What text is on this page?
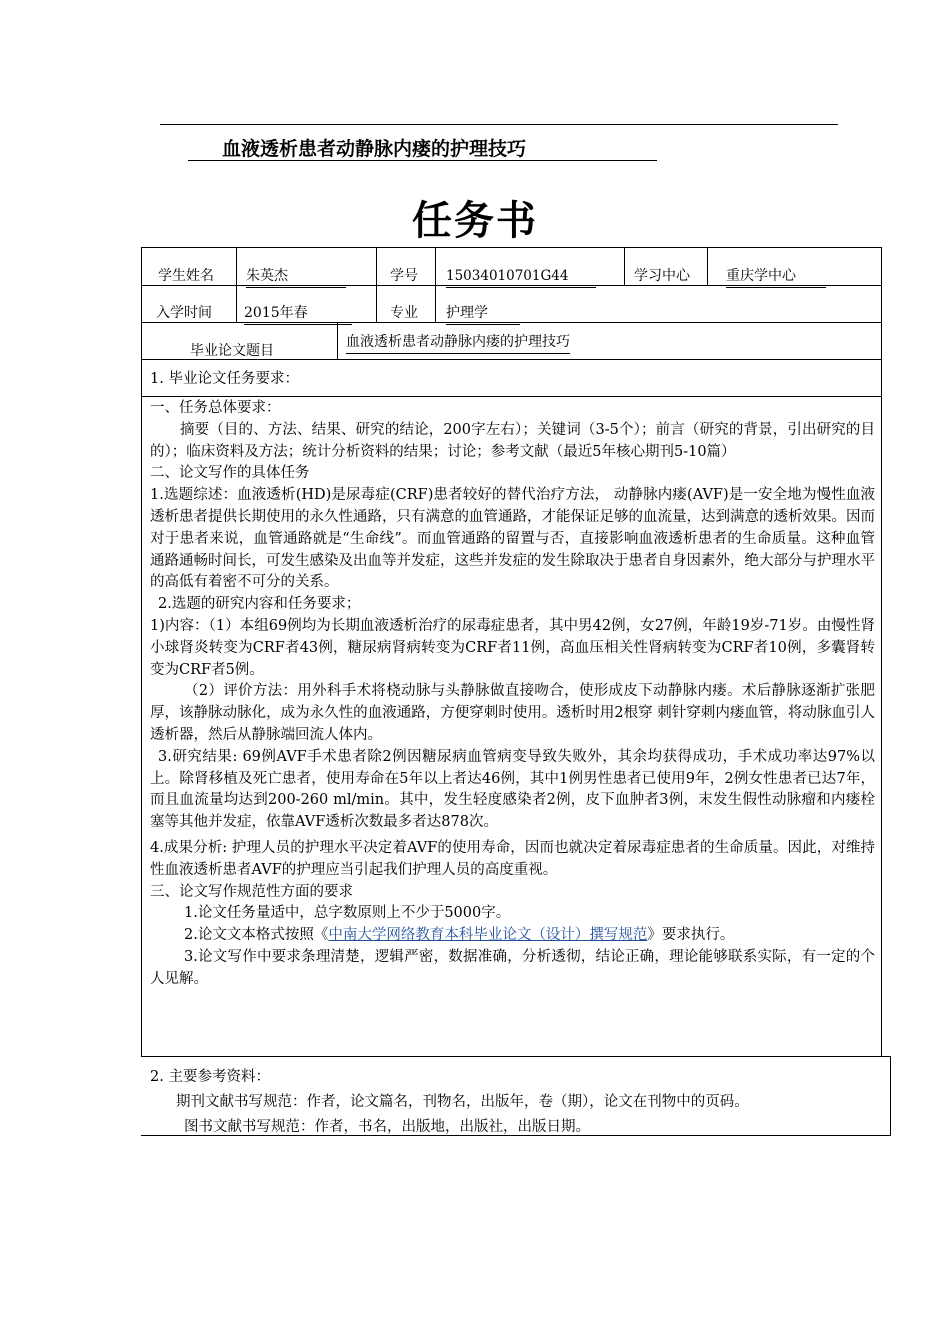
血液透析患者动静脉内瘘的护理技巧
任务书
学生姓名 朱英杰	学号 15034010701G44	学习中心	重庆学中心
入学时间 2015年春	专业 护理学
毕业论文题目
血液透析患者动静脉内瘘的护理技巧
1. 毕业论文任务要求：

一、任务总体要求：

摘要（目的、方法、结果、研究的结论，200字左右）；关键词（3-5个）；前言（研究的背景，引出研究的目的）；临床资料及方法；统计分析资料的结果；讨论；参考文献（最近5年核心期刊5-10篇）

二、论文写作的具体任务

1.选题综述：血液透析(HD)是尿毒症(CRF)患者较好的替代治疗方法， 动静脉内瘘(AVF)是一安全地为慢性血液透析患者提供长期使用的永久性通路，只有满意的血管通路，才能保证足够的血流量，达到满意的透析效果。因而对于患者来说，血管通路就是“生命线”。而血管通路的留置与否，直接影响血液透析患者的生命质量。这种血管通路通畅时间长，可发生感染及出血等并发症，这些并发症的发生除取决于患者自身因素外，绝大部分与护理水平的高低有着密不可分的关系。

2.选题的研究内容和任务要求；

1)内容：（1）本组69例均为长期血液透析治疗的尿毒症患者，其中男42例，女27例，年龄19岁-71岁。由慢性肾小球肾炎转变为CRF者43例，糖尿病肾病转变为CRF者11例，高血压相关性肾病转变为CRF者10例，多囊肾转变为CRF者5例。

（2）评价方法：用外科手术将桡动脉与头静脉做直接吻合，使形成皮下动静脉内瘘。术后静脉逐渐扩张肥厚，该静脉动脉化，成为永久性的血液通路，方便穿刺时使用。透析时用2根穿 刺针穿刺内瘘血管，将动脉血引人透析器，然后从静脉端回流人体内。

3.研究结果: 69例AVF手术患者除2例因糖尿病血管病变导致失败外，其余均获得成功，手术成功率达97%以上。除肾移植及死亡患者，使用寿命在5年以上者达46例，其中1例男性患者已使用9年，2例女性患者已达7年，而且血流量均达到200-260 ml/min。其中，发生轻度感染者2例，皮下血肿者3例，末发生假性动脉瘤和内瘘栓塞等其他并发症，依靠AVF透析次数最多者达878次。

4.成果分析: 护理人员的护理水平决定着AVF的使用寿命，因而也就决定着尿毒症患者的生命质量。因此，对维持性血液透析患者AVF的护理应当引起我们护理人员的高度重视。

三、论文写作规范性方面的要求

1.论文任务量适中，总字数原则上不少于5000字。

2.论文文本格式按照《中南大学网络教育本科毕业论文（设计）撰写规范》要求执行。

3.论文写作中要求条理清楚，逻辑严密，数据准确，分析透彻，结论正确，理论能够联系实际，有一定的个人见解。

2. 主要参考资料：
期刊文献书写规范：作者，论文篇名，刊物名，出版年，卷（期），论文在刊物中的页码。
图书文献书写规范：作者，书名，出版地，出版社，出版日期。
